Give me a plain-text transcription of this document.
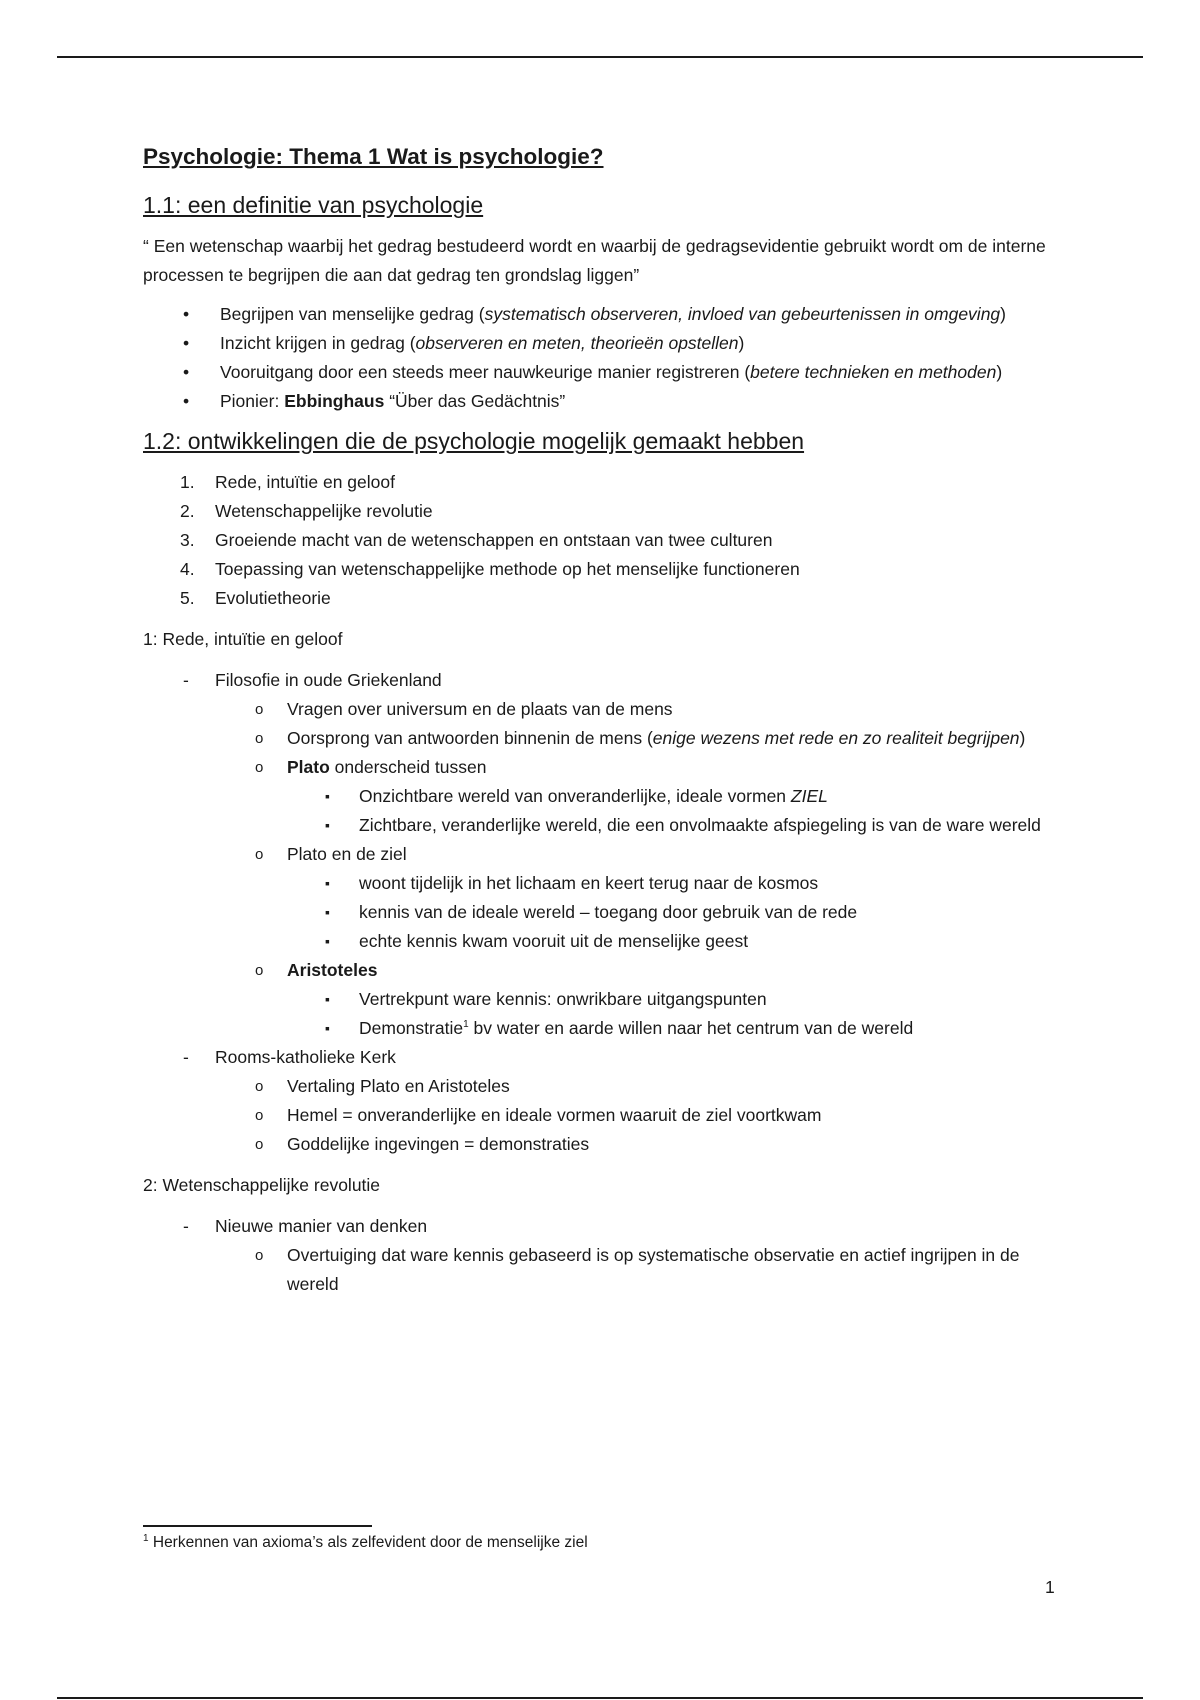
Psychologie: Thema 1 Wat is psychologie?
1.1: een definitie van psychologie

“ Een wetenschap waarbij het gedrag bestudeerd wordt en waarbij de gedragsevidentie gebruikt wordt om de interne processen te begrijpen die aan dat gedrag ten grondslag liggen”

• Begrijpen van menselijke gedrag (systematisch observeren, invloed van gebeurtenissen in omgeving)
• Inzicht krijgen in gedrag (observeren en meten, theorieën opstellen)
• Vooruitgang door een steeds meer nauwkeurige manier registreren (betere technieken en methoden)
• Pionier: Ebbinghaus “Über das Gedächtnis”
1.2: ontwikkelingen die de psychologie mogelijk gemaakt hebben
1. Rede, intuïtie en geloof
2. Wetenschappelijke revolutie
3. Groeiende macht van de wetenschappen en ontstaan van twee culturen
4. Toepassing van wetenschappelijke methode op het menselijke functioneren
5. Evolutietheorie
1: Rede, intuïtie en geloof
- Filosofie in oude Griekenland
o Vragen over universum en de plaats van de mens
o Oorsprong van antwoorden binnenin de mens (enige wezens met rede en zo realiteit begrijpen)
o Plato onderscheid tussen
▪ Onzichtbare wereld van onveranderlijke, ideale vormen ZIEL
▪ Zichtbare, veranderlijke wereld, die een onvolmaakte afspiegeling is van de ware wereld
o Plato en de ziel
▪ woont tijdelijk in het lichaam en keert terug naar de kosmos
▪ kennis van de ideale wereld – toegang door gebruik van de rede
▪ echte kennis kwam vooruit uit de menselijke geest
o Aristoteles
▪ Vertrekpunt ware kennis: onwrikbare uitgangspunten
▪ Demonstratie$^1$ bv water en aarde willen naar het centrum van de wereld
- Rooms-katholieke Kerk
o Vertaling Plato en Aristoteles
o Hemel = onveranderlijke en ideale vormen waaruit de ziel voortkwam
o Goddelijke ingevingen = demonstraties
2: Wetenschappelijke revolutie
- Nieuwe manier van denken
o Overtuiging dat ware kennis gebaseerd is op systematische observatie en actief ingrijpen in de wereld
$^1$ Herkennen van axioma’s als zelfevident door de menselijke ziel
1
